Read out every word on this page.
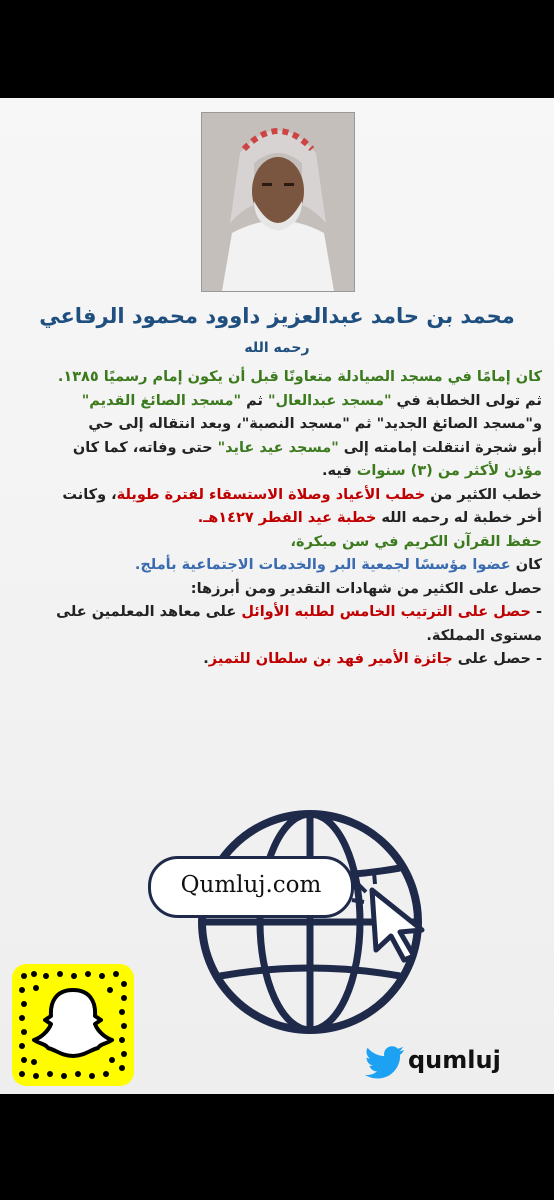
محمد بن حامد عبدالعزيز داوود محمود الرفاعي
رحمه الله

كان إمامًا في مسجد الصيادلة متعاونًا قبل أن يكون إمام رسميًا ١٣٨٥.

ثم تولى الخطابة في "مسجد عبدالعال" ثم "مسجد الصائغ القديم"

و"مسجد الصائغ الجديد" ثم "مسجد النصبة"، وبعد انتقاله إلى حي

أبو شجرة انتقلت إمامته إلى "مسجد عيد عايد" حتى وفاته، كما كان

مؤذن لأكثر من (٣) سنوات فيه.

خطب الكثير من خطب الأعياد وصلاة الاستسقاء لفترة طويلة، وكانت

أخر خطبة له رحمه الله خطبة عيد الفطر ١٤٢٧هـ.

حفظ القرآن الكريم في سن مبكرة،

كان عضوا مؤسسًا لجمعية البر والخدمات الاجتماعية بأملج.

حصل على الكثير من شهادات التقدير ومن أبرزها:

- حصل على الترتيب الخامس لطلبه الأوائل على معاهد المعلمين على

مستوى المملكة.

- حصل على جائزة الأمير فهد بن سلطان للتميز.

Qumluj.com
qumluj
